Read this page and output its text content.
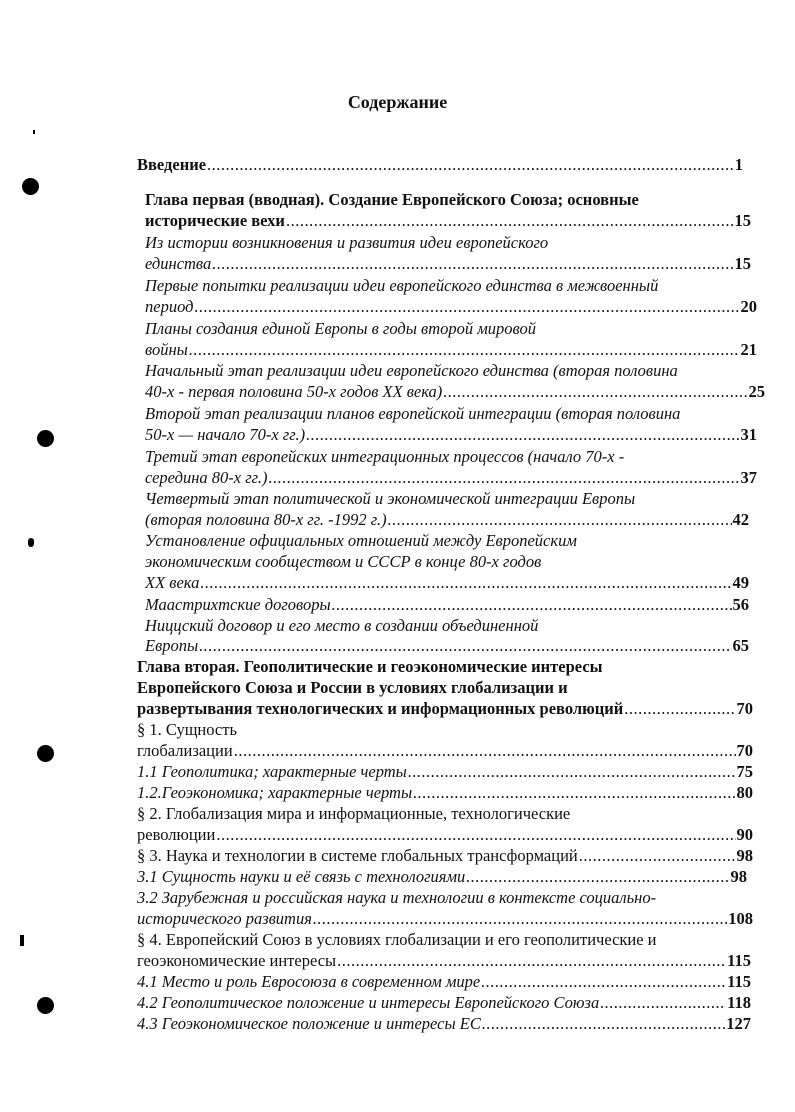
Содержание
Введение .....	1
Глава первая (вводная). Создание Европейского Союза; основные
исторические вехи .....	15
Из истории возникновения и развития идеи европейского
единства .....	15
Первые попытки реализации идеи европейского единства в межвоенный
период .....	20
Планы создания единой Европы в годы второй мировой
войны .....	21
Начальный этап реализации идеи европейского единства (вторая половина
40-х - первая половина 50-х годов XX века) .....	25
Второй этап реализации планов европейской интеграции (вторая половина
50-х — начало 70-х гг.) .....	31
Третий этап европейских интеграционных процессов (начало 70-х -
середина 80-х гг.) .....	37
Четвертый этап политической и экономической интеграции Европы
(вторая половина 80-х гг. -1992 г.) .....	42
Установление официальных отношений между Европейским
экономическим сообществом и СССР в конце 80-х годов
XX века .....	49
Маастрихтские договоры .....	56
Ниццский договор и его место в создании объединенной
Европы .....	65
Глава вторая. Геополитические и геоэкономические интересы
Европейского Союза и России в условиях глобализации и
развертывания технологических и информационных революций .....	70
§ 1. Сущность
глобализации .....	70
1.1 Геополитика; характерные черты .....	75
1.2.Геоэкономика; характерные черты .....	80
§ 2. Глобализация мира и информационные, технологические
революции .....	90
§ 3. Наука и технологии в системе глобальных трансформаций .....	98
3.1 Сущность науки и её связь с технологиями .....	98
3.2 Зарубежная и российская наука и технологии в контексте социально-
исторического развития .....	108
§ 4. Европейский Союз в условиях глобализации и его геополитические и
геоэкономические интересы .....	115
4.1 Место и роль Евросоюза в современном мире .....	115
4.2 Геополитическое положение и интересы Европейского Союза .....	118
4.3 Геоэкономическое положение и интересы ЕС .....	127
